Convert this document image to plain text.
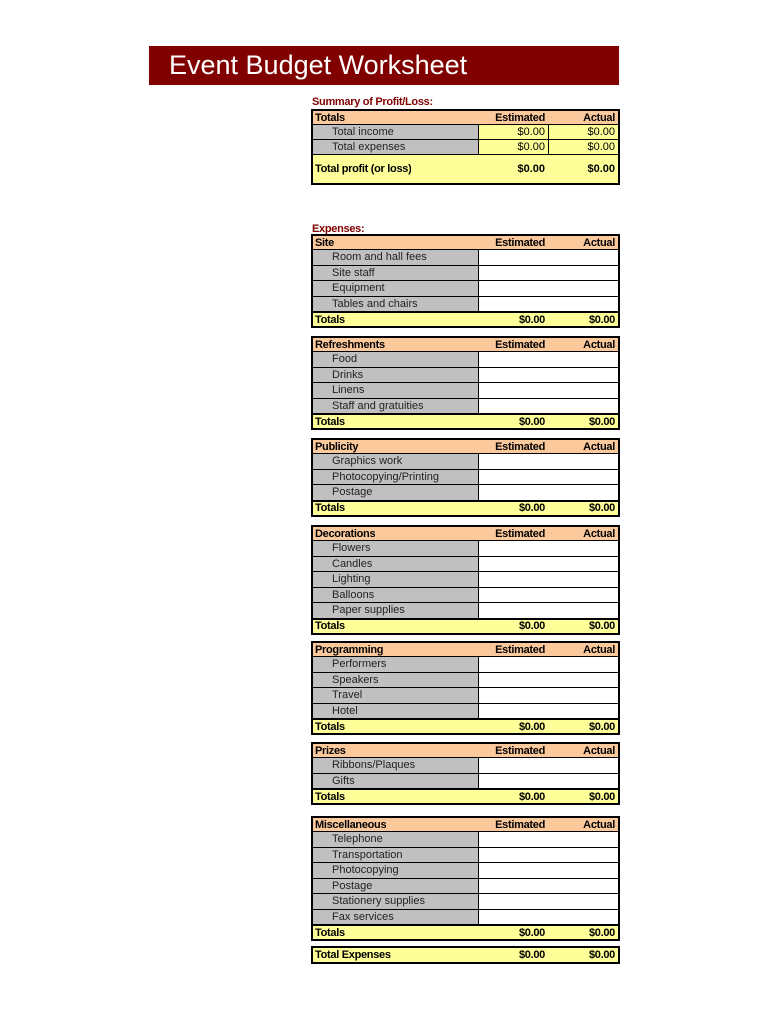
Event Budget Worksheet
Summary of Profit/Loss:
Totals	Estimated	Actual
Total income	$0.00	$0.00
Total expenses	$0.00	$0.00
Total profit (or loss)	$0.00	$0.00
Expenses:
Site	Estimated	Actual
Room and hall fees
Site staff
Equipment
Tables and chairs
Totals	$0.00	$0.00
Refreshments	Estimated	Actual
Food
Drinks
Linens
Staff and gratuities
Totals	$0.00	$0.00
Publicity	Estimated	Actual
Graphics work
Photocopying/Printing
Postage
Totals	$0.00	$0.00
Decorations	Estimated	Actual
Flowers
Candles
Lighting
Balloons
Paper supplies
Totals	$0.00	$0.00
Programming	Estimated	Actual
Performers
Speakers
Travel
Hotel
Totals	$0.00	$0.00
Prizes	Estimated	Actual
Ribbons/Plaques
Gifts
Totals	$0.00	$0.00
Miscellaneous	Estimated	Actual
Telephone
Transportation
Photocopying
Postage
Stationery supplies
Fax services
Totals	$0.00	$0.00
Total Expenses	$0.00	$0.00
